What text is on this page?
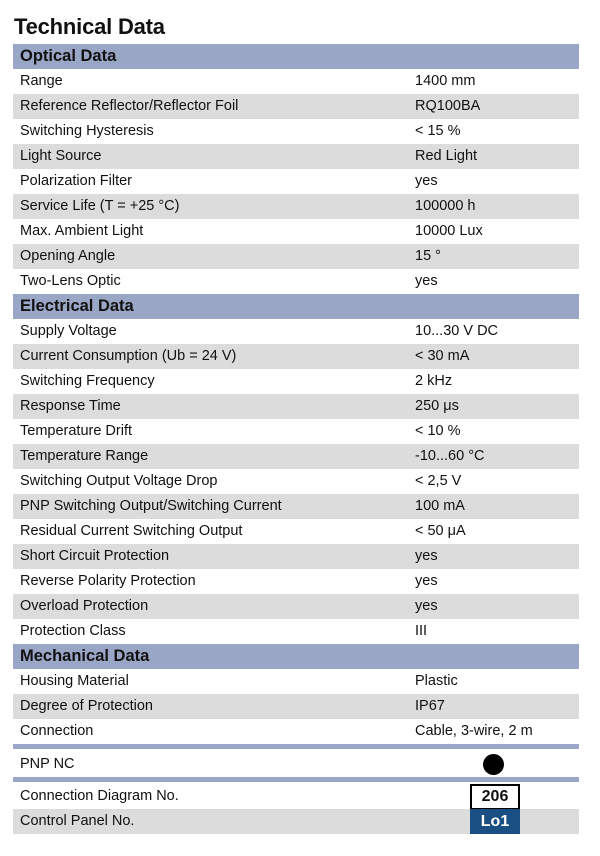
Technical Data
Optical Data
Range	1400 mm
Reference Reflector/Reflector Foil	RQ100BA
Switching Hysteresis	< 15 %
Light Source	Red Light
Polarization Filter	yes
Service Life (T = +25 °C)	100000 h
Max. Ambient Light	10000 Lux
Opening Angle	15 °
Two-Lens Optic	yes
Electrical Data
Supply Voltage	10...30 V DC
Current Consumption (Ub = 24 V)	< 30 mA
Switching Frequency	2 kHz
Response Time	250 μs
Temperature Drift	< 10 %
Temperature Range	-10...60 °C
Switching Output Voltage Drop	< 2,5 V
PNP Switching Output/Switching Current	100 mA
Residual Current Switching Output	< 50 μA
Short Circuit Protection	yes
Reverse Polarity Protection	yes
Overload Protection	yes
Protection Class	III
Mechanical Data
Housing Material	Plastic
Degree of Protection	IP67
Connection	Cable, 3-wire, 2 m
PNP NC
Connection Diagram No.	206
Control Panel No.	Lo1
